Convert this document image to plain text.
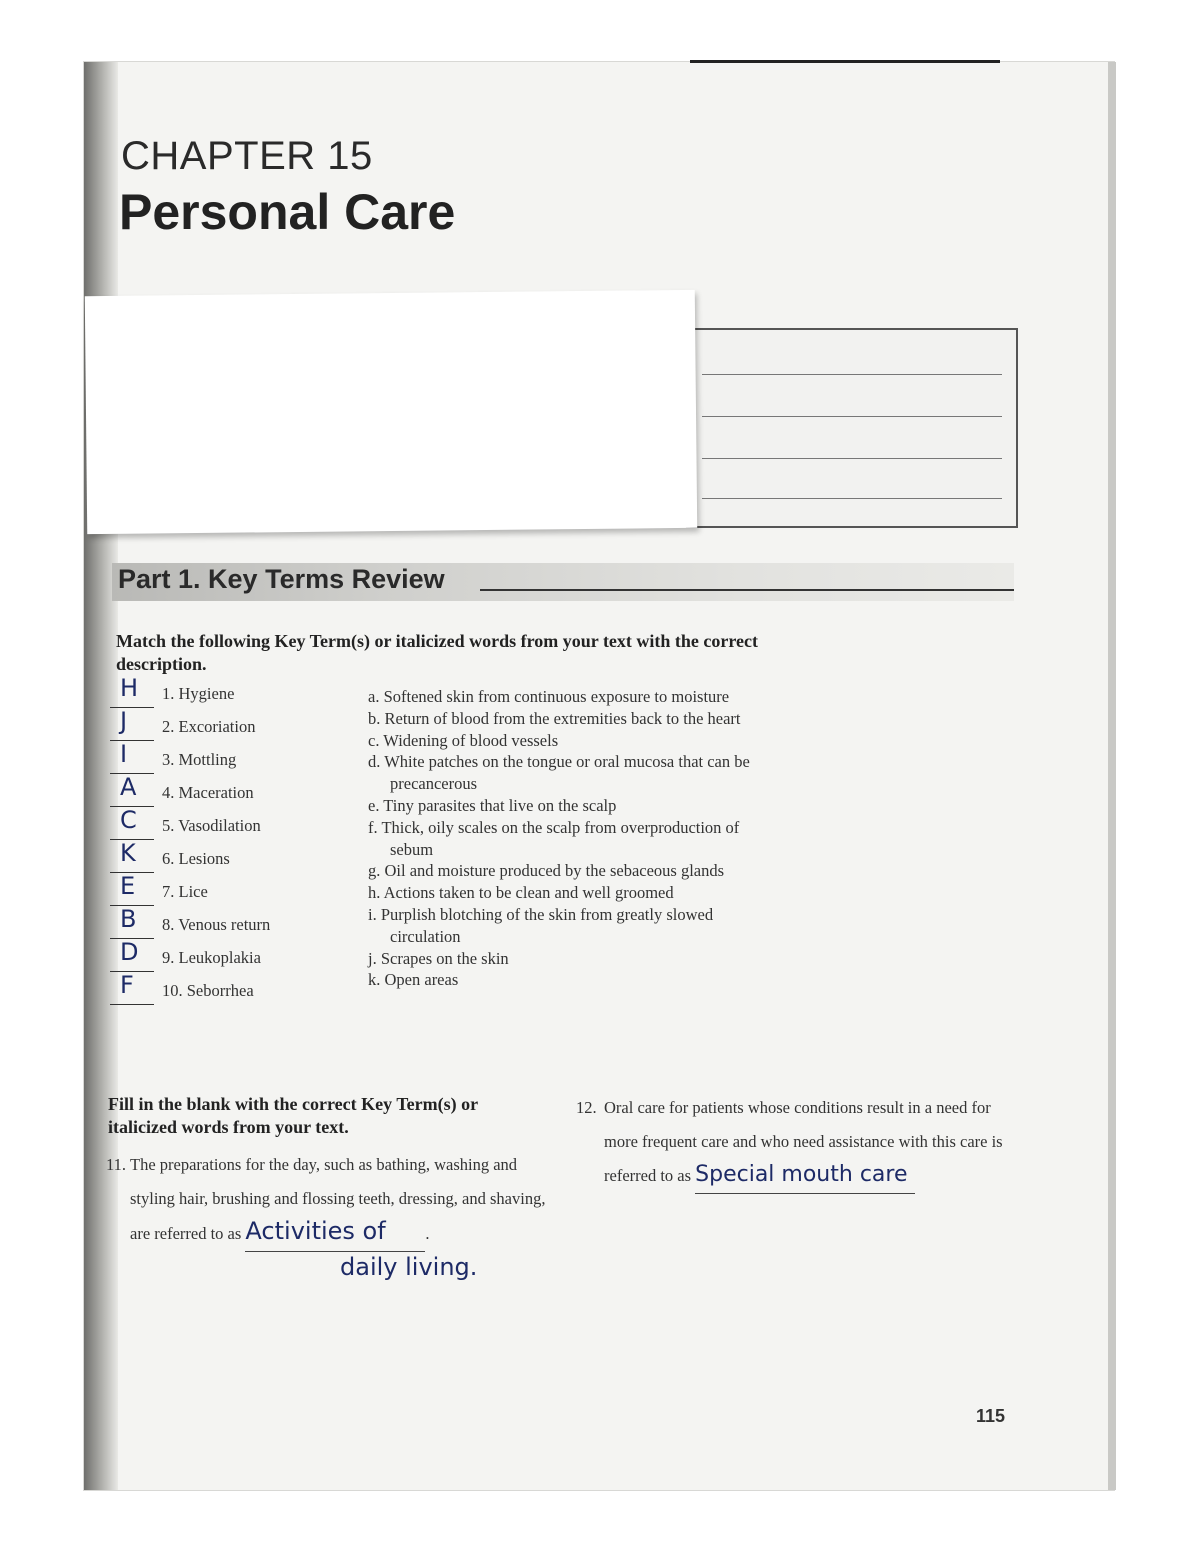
CHAPTER 15
Personal Care
Part 1. Key Terms Review
Match the following Key Term(s) or italicized words from your text with the correct description.
H 1. Hygiene
J 2. Excoriation
I 3. Mottling
A 4. Maceration
C 5. Vasodilation
K 6. Lesions
E 7. Lice
B 8. Venous return
D 9. Leukoplakia
F 10. Seborrhea
a. Softened skin from continuous exposure to moisture
b. Return of blood from the extremities back to the heart
c. Widening of blood vessels
d. White patches on the tongue or oral mucosa that can be precancerous
e. Tiny parasites that live on the scalp
f. Thick, oily scales on the scalp from overproduction of sebum
g. Oil and moisture produced by the sebaceous glands
h. Actions taken to be clean and well groomed
i. Purplish blotching of the skin from greatly slowed circulation
j. Scrapes on the skin
k. Open areas
Fill in the blank with the correct Key Term(s) or italicized words from your text.
11. The preparations for the day, such as bathing, washing and styling hair, brushing and flossing teeth, dressing, and shaving, are referred to as Activities of .
daily living.
12. Oral care for patients whose conditions result in a need for more frequent care and who need assistance with this care is referred to as Special mouth care
115
